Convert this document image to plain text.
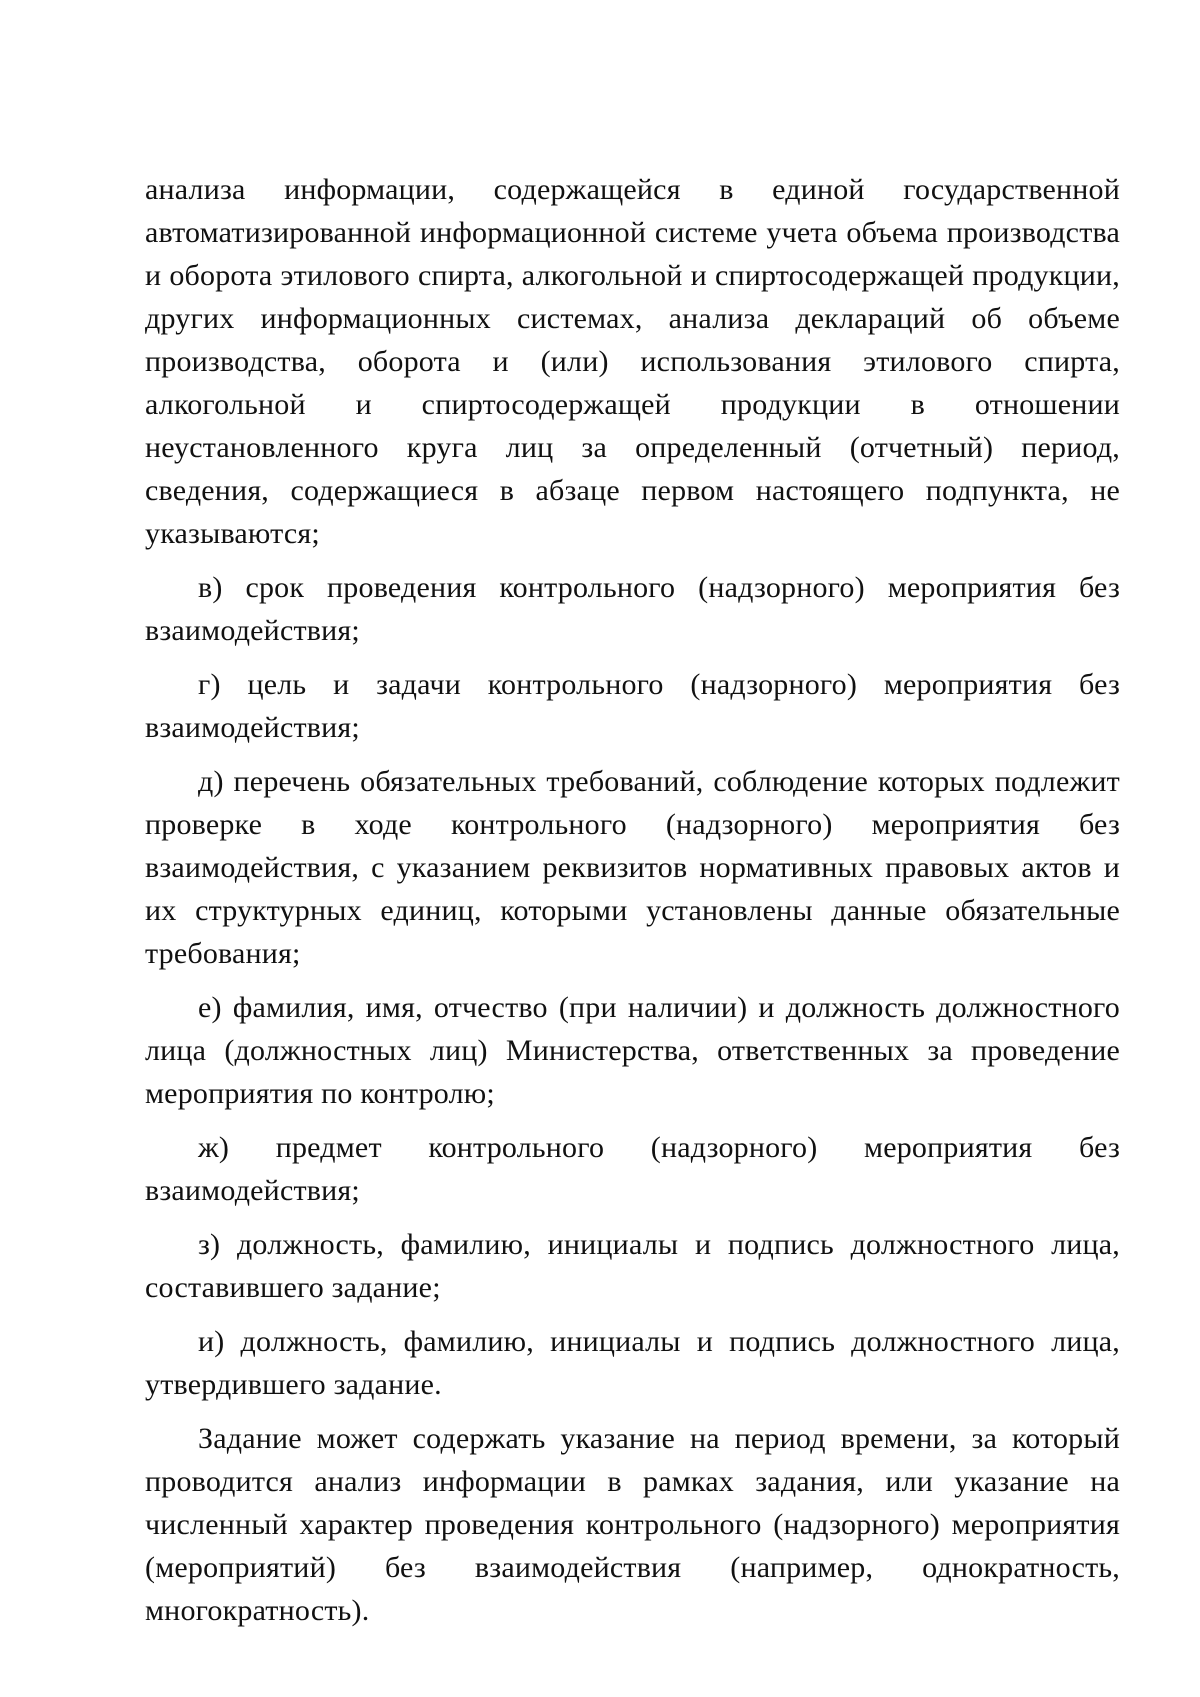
анализа информации, содержащейся в единой государственной автоматизированной информационной системе учета объема производства и оборота этилового спирта, алкогольной и спиртосодержащей продукции, других информационных системах, анализа деклараций об объеме производства, оборота и (или) использования этилового спирта, алкогольной и спиртосодержащей продукции в отношении неустановленного круга лиц за определенный (отчетный) период, сведения, содержащиеся в абзаце первом настоящего подпункта, не указываются;

в) срок проведения контрольного (надзорного) мероприятия без взаимодействия;

г) цель и задачи контрольного (надзорного) мероприятия без взаимодействия;

д) перечень обязательных требований, соблюдение которых подлежит проверке в ходе контрольного (надзорного) мероприятия без взаимодействия, с указанием реквизитов нормативных правовых актов и их структурных единиц, которыми установлены данные обязательные требования;

е) фамилия, имя, отчество (при наличии) и должность должностного лица (должностных лиц) Министерства, ответственных за проведение мероприятия по контролю;

ж) предмет контрольного (надзорного) мероприятия без взаимодействия;

з) должность, фамилию, инициалы и подпись должностного лица, составившего задание;

и) должность, фамилию, инициалы и подпись должностного лица, утвердившего задание.

Задание может содержать указание на период времени, за который проводится анализ информации в рамках задания, или указание на численный характер проведения контрольного (надзорного) мероприятия (мероприятий) без взаимодействия (например, однократность, многократность).
